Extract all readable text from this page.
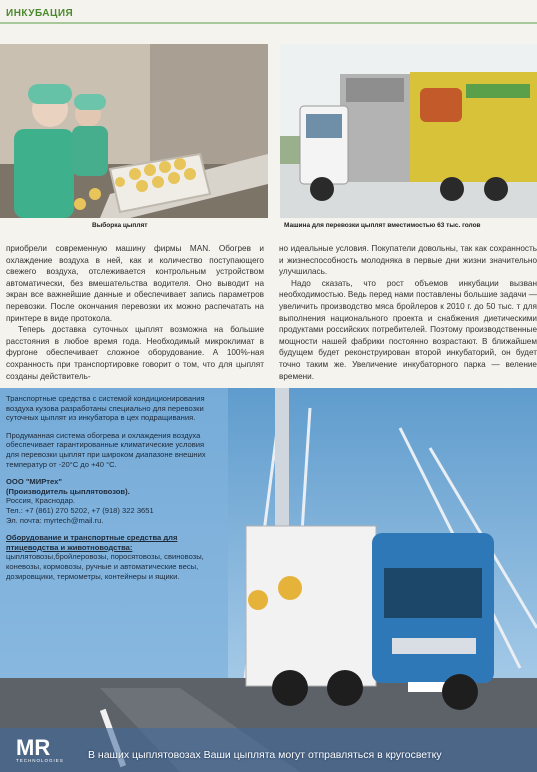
ИНКУБАЦИЯ
Выборка цыплят	Машина для перевозки цыплят вместимостью 63 тыс. голов

приобрели современную машину фирмы MAN. Обогрев и охлаждение воздуха в ней, как и количество поступающего свежего воздуха, отслеживается контрольным устройством автоматически, без вмешательства водителя. Оно выводит на экран все важнейшие данные и обеспечивает запись параметров перевозки. После окончания перевозки их можно распечатать на принтере в виде протокола.

Теперь доставка суточных цыплят возможна на большие расстояния в любое время года. Необходимый микроклимат в фургоне обеспечивает сложное оборудование. А 100%-ная сохранность при транспортировке говорит о том, что для цыплят созданы действитель-

но идеальные условия. Покупатели довольны, так как сохранность и жизнеспособность молодняка в первые дни жизни значительно улучшилась.

Надо сказать, что рост объемов инкубации вызван необходимостью. Ведь перед нами поставлены большие задачи — увеличить производство мяса бройлеров к 2010 г. до 50 тыс. т для выполнения национального проекта и снабжения диетическими продуктами российских потребителей. Поэтому производственные мощности нашей фабрики постоянно возрастают. В ближайшем будущем будет реконструирован второй инкубаторий, он будет точно таким же. Увеличение инкубаторного парка — веление времени.

Транспортные средства с системой кондиционирования воздуха кузова разработаны специально для перевозки суточных цыплят из инкубатора в цех подращивания.

Продуманная система обогрева и охлаждения воздуха обеспечивает гарантированные климатические условия для перевозки цыплят при широком диапазоне внешних температур от -20°С до +40 °С.

ООО "МИРтех"
(Производитель цыплятовозов).
Россия, Краснодар.
Тел.: +7 (861) 270 5202, +7 (918) 322 3651
Эл. почта: myrtech@mail.ru.

Оборудование и транспортные средства для птицеводства и животноводства:
цыплятовозы,бройлеровозы, поросятовозы, свиновозы, коневозы, кормовозы, ручные и автоматические весы, дозировщики, термометры, контейнеры и ящики.

MR
TECHNOLOGIES В наших цыплятовозах Ваши цыплята могут отправляться в кругосветку
